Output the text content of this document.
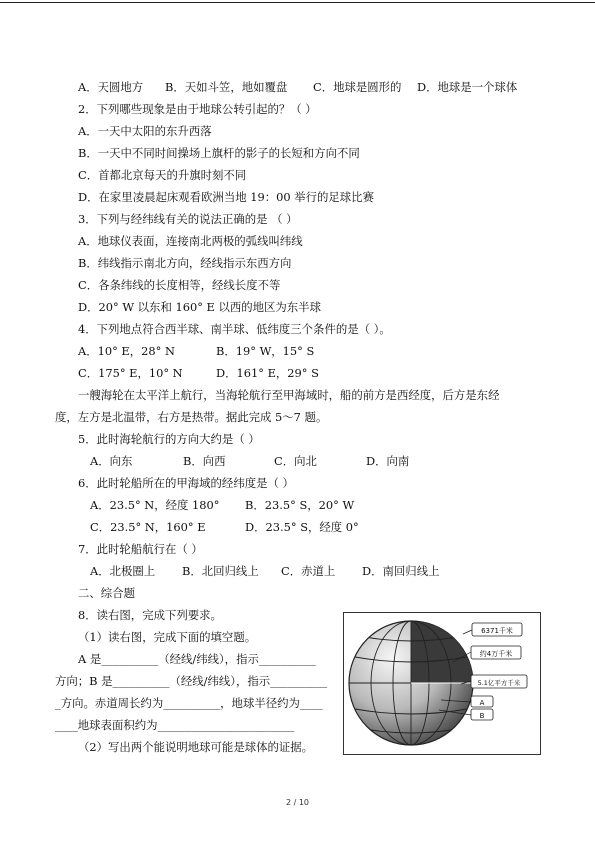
A．天圆地方 B．天如斗笠，地如覆盘 C．地球是圆形的 D．地球是一个球体
2．下列哪些现象是由于地球公转引起的？（ ）
A．一天中太阳的东升西落
B．一天中不同时间操场上旗杆的影子的长短和方向不同
C．首都北京每天的升旗时刻不同
D．在家里凌晨起床观看欧洲当地 19：00 举行的足球比赛
3．下列与经纬线有关的说法正确的是 （ ）
A．地球仪表面，连接南北两极的弧线叫纬线
B．纬线指示南北方向，经线指示东西方向
C．各条纬线的长度相等，经线长度不等
D．20° W 以东和 160° E 以西的地区为东半球
4．下列地点符合西半球、南半球、低纬度三个条件的是（ ）。
A．10° E，28° N	B．19° W，15° S
C．175° E，10° N	D．161° E，29° S
一艘海轮在太平洋上航行，当海轮航行至甲海域时，船的前方是西经度，后方是东经
度，左方是北温带，右方是热带。据此完成 5～7 题。
5．此时海轮航行的方向大约是（ ）
A．向东	B．向西	C．向北	D．向南
6．此时轮船所在的甲海域的经纬度是（ ）
A．23.5° N，经度 180° B．23.5° S，20° W
C．23.5° N，160° E	D．23.5° S，经度 0°
7．此时轮船航行在（ ）
A．北极圈上 B．北回归线上 C．赤道上 D．南回归线上
二、综合题
8．读右图，完成下列要求。
（1）读右图，完成下面的填空题。
A 是__________（经线/纬线），指示__________
方向；B 是__________（经线/纬线），指示__________
_方向。赤道周长约为__________，地球半径约为____
____地球表面积约为________________________
（2）写出两个能说明地球可能是球体的证据。
6371千米
约4万千米
5.1亿平方千米
A
B
2 / 10
